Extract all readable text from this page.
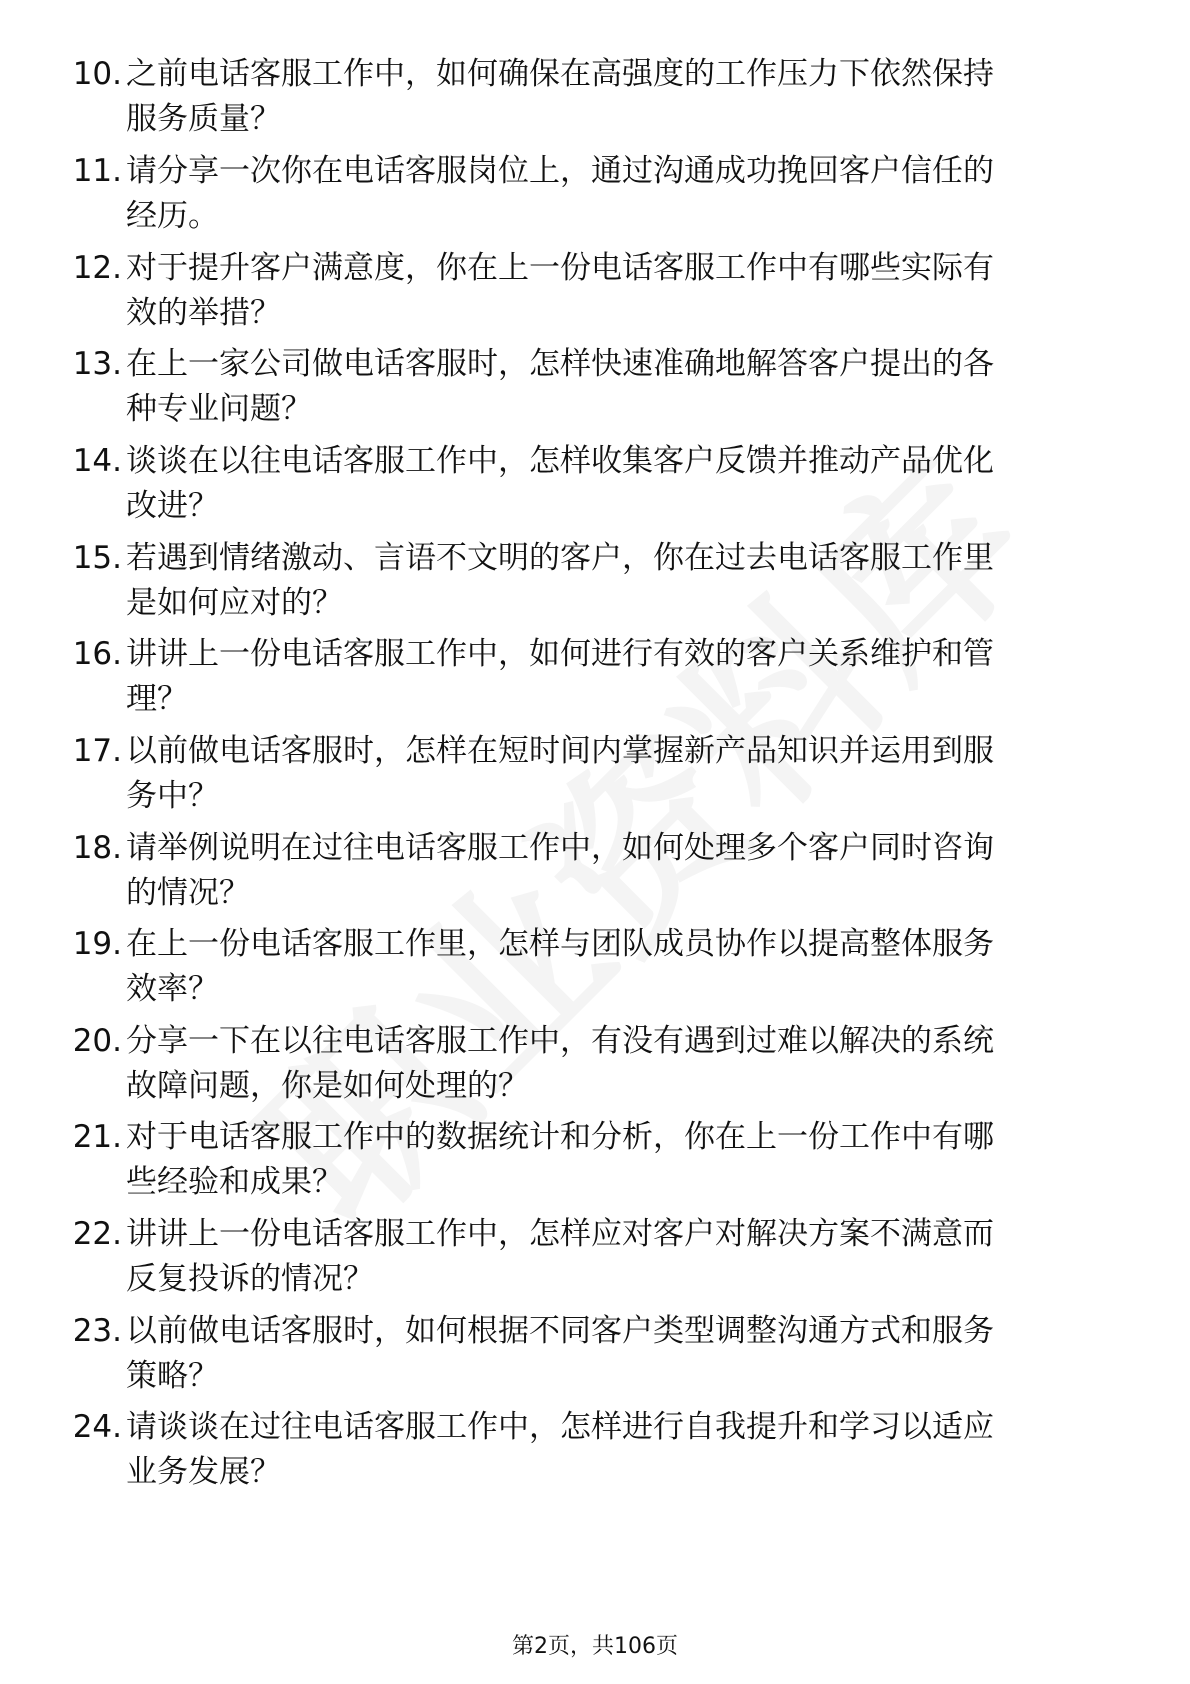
10. 之前电话客服工作中，如何确保在高强度的工作压力下依然保持
服务质量？
11. 请分享一次你在电话客服岗位上，通过沟通成功挽回客户信任的
经历。
12. 对于提升客户满意度，你在上一份电话客服工作中有哪些实际有
效的举措？
13. 在上一家公司做电话客服时，怎样快速准确地解答客户提出的各
种专业问题？
14. 谈谈在以往电话客服工作中，怎样收集客户反馈并推动产品优化
改进？
15. 若遇到情绪激动、言语不文明的客户，你在过去电话客服工作里
是如何应对的？
16. 讲讲上一份电话客服工作中，如何进行有效的客户关系维护和管
理？
17. 以前做电话客服时，怎样在短时间内掌握新产品知识并运用到服
务中？
18. 请举例说明在过往电话客服工作中，如何处理多个客户同时咨询
的情况？
19. 在上一份电话客服工作里，怎样与团队成员协作以提高整体服务
效率？
20. 分享一下在以往电话客服工作中，有没有遇到过难以解决的系统
故障问题，你是如何处理的？
21. 对于电话客服工作中的数据统计和分析，你在上一份工作中有哪
些经验和成果？
22. 讲讲上一份电话客服工作中，怎样应对客户对解决方案不满意而
反复投诉的情况？
23. 以前做电话客服时，如何根据不同客户类型调整沟通方式和服务
策略？
24. 请谈谈在过往电话客服工作中，怎样进行自我提升和学习以适应
业务发展？
第2页，共106页
